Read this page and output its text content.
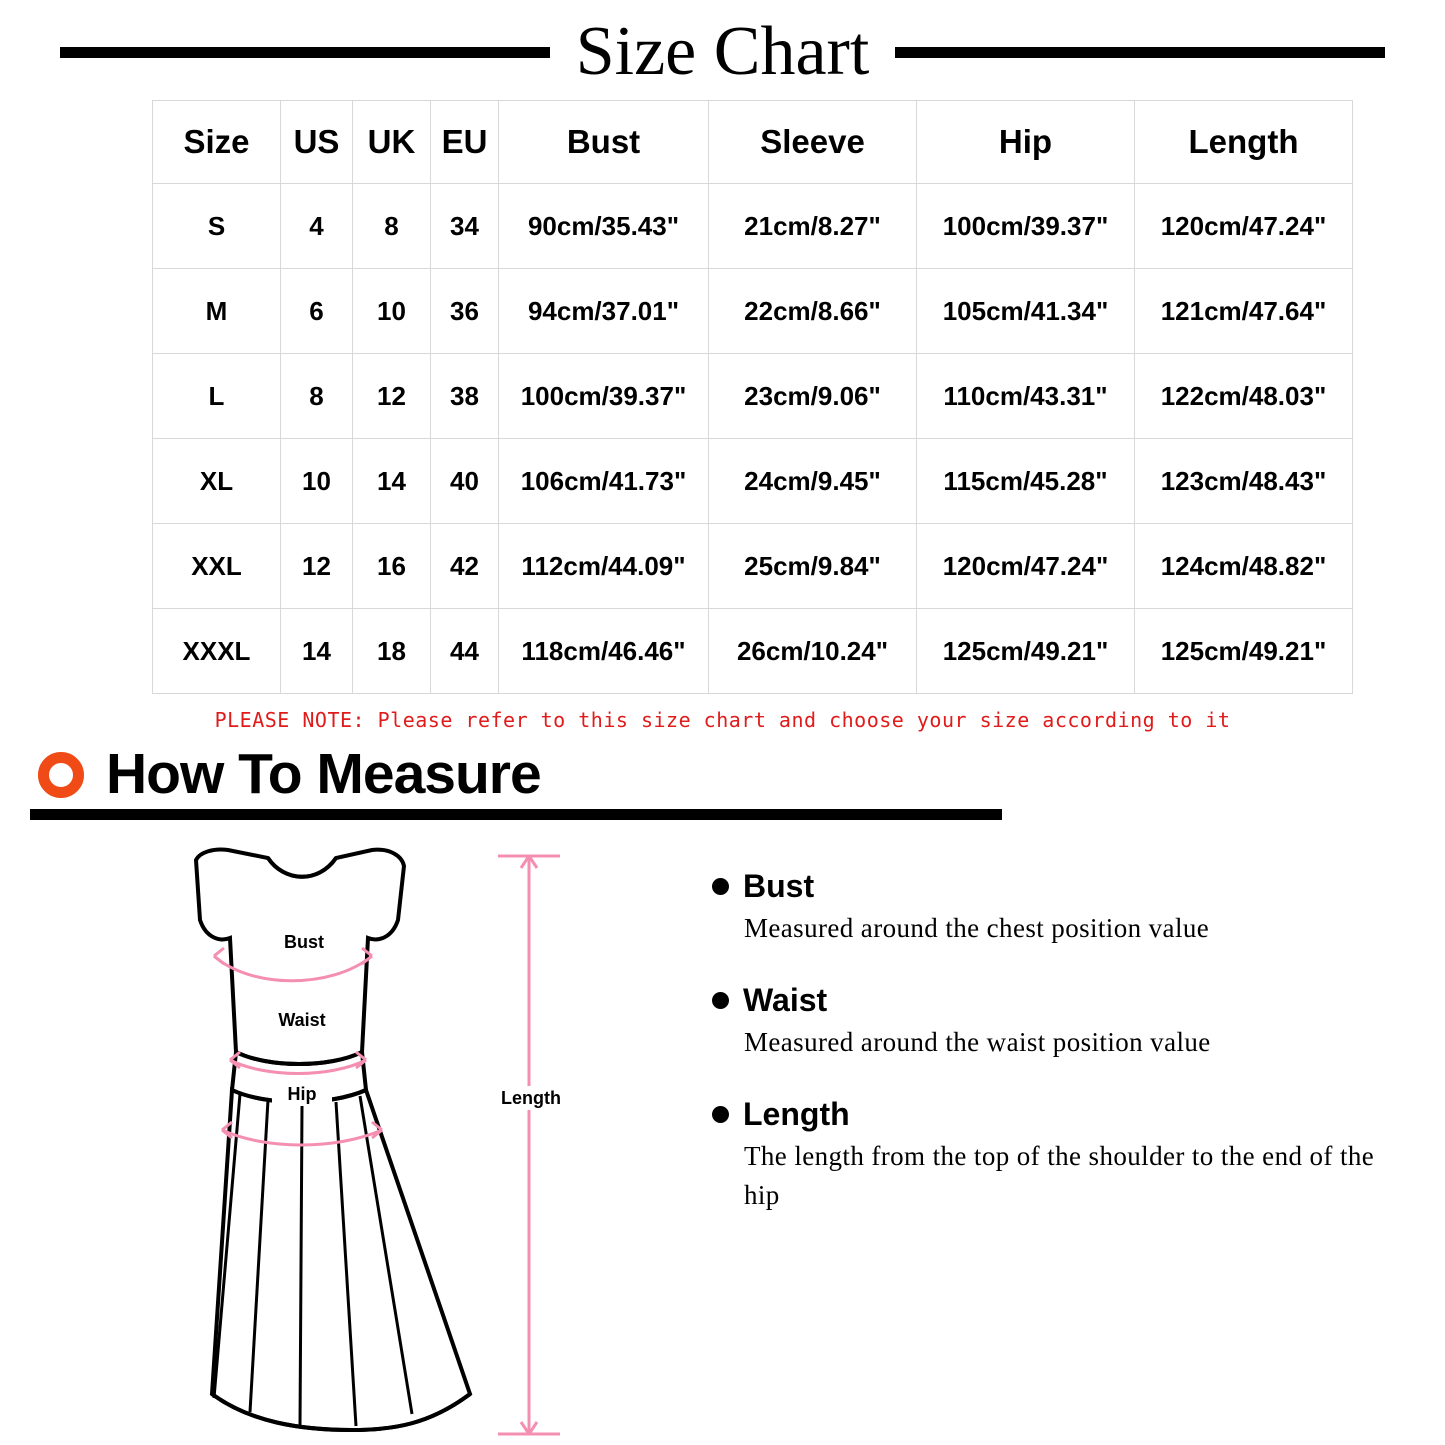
Size Chart
Size	US	UK	EU	Bust	Sleeve	Hip	Length
S	4	8	34	90cm/35.43"	21cm/8.27"	100cm/39.37"	120cm/47.24"
M	6	10	36	94cm/37.01"	22cm/8.66"	105cm/41.34"	121cm/47.64"
L	8	12	38	100cm/39.37"	23cm/9.06"	110cm/43.31"	122cm/48.03"
XL	10	14	40	106cm/41.73"	24cm/9.45"	115cm/45.28"	123cm/48.43"
XXL	12	16	42	112cm/44.09"	25cm/9.84"	120cm/47.24"	124cm/48.82"
XXXL	14	18	44	118cm/46.46"	26cm/10.24"	125cm/49.21"	125cm/49.21"
PLEASE NOTE: Please refer to this size chart and choose your size according to it
How To Measure
Bust
Waist
Hip	Length
Bust
Measured around the chest position value
Waist
Measured around the waist position value
Length
The length from the top of the shoulder to the end of the hip
